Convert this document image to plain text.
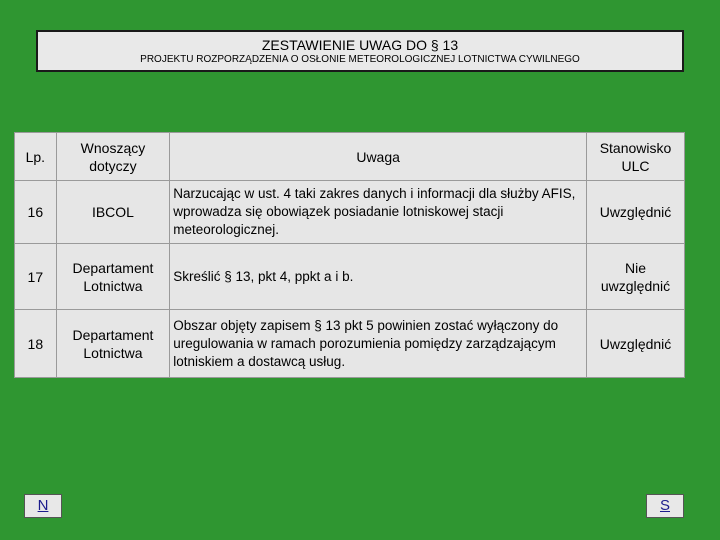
ZESTAWIENIE UWAG DO § 13
PROJEKTU ROZPORZĄDZENIA O OSŁONIE METEOROLOGICZNEJ LOTNICTWA CYWILNEGO
Lp.	Wnoszący dotyczy	Uwaga	Stanowisko ULC
16	IBCOL	Narzucając w ust. 4 taki zakres danych i informacji dla służby AFIS, wprowadza się obowiązek posiadanie lotniskowej stacji meteorologicznej.	Uwzględnić
17	Departament Lotnictwa	Skreślić § 13, pkt 4, ppkt a i b.	Nie uwzględnić
18	Departament Lotnictwa	Obszar objęty zapisem § 13 pkt 5 powinien zostać wyłączony do uregulowania w ramach porozumienia pomiędzy zarządzającym lotniskiem a dostawcą usług.	Uwzględnić
N	S
